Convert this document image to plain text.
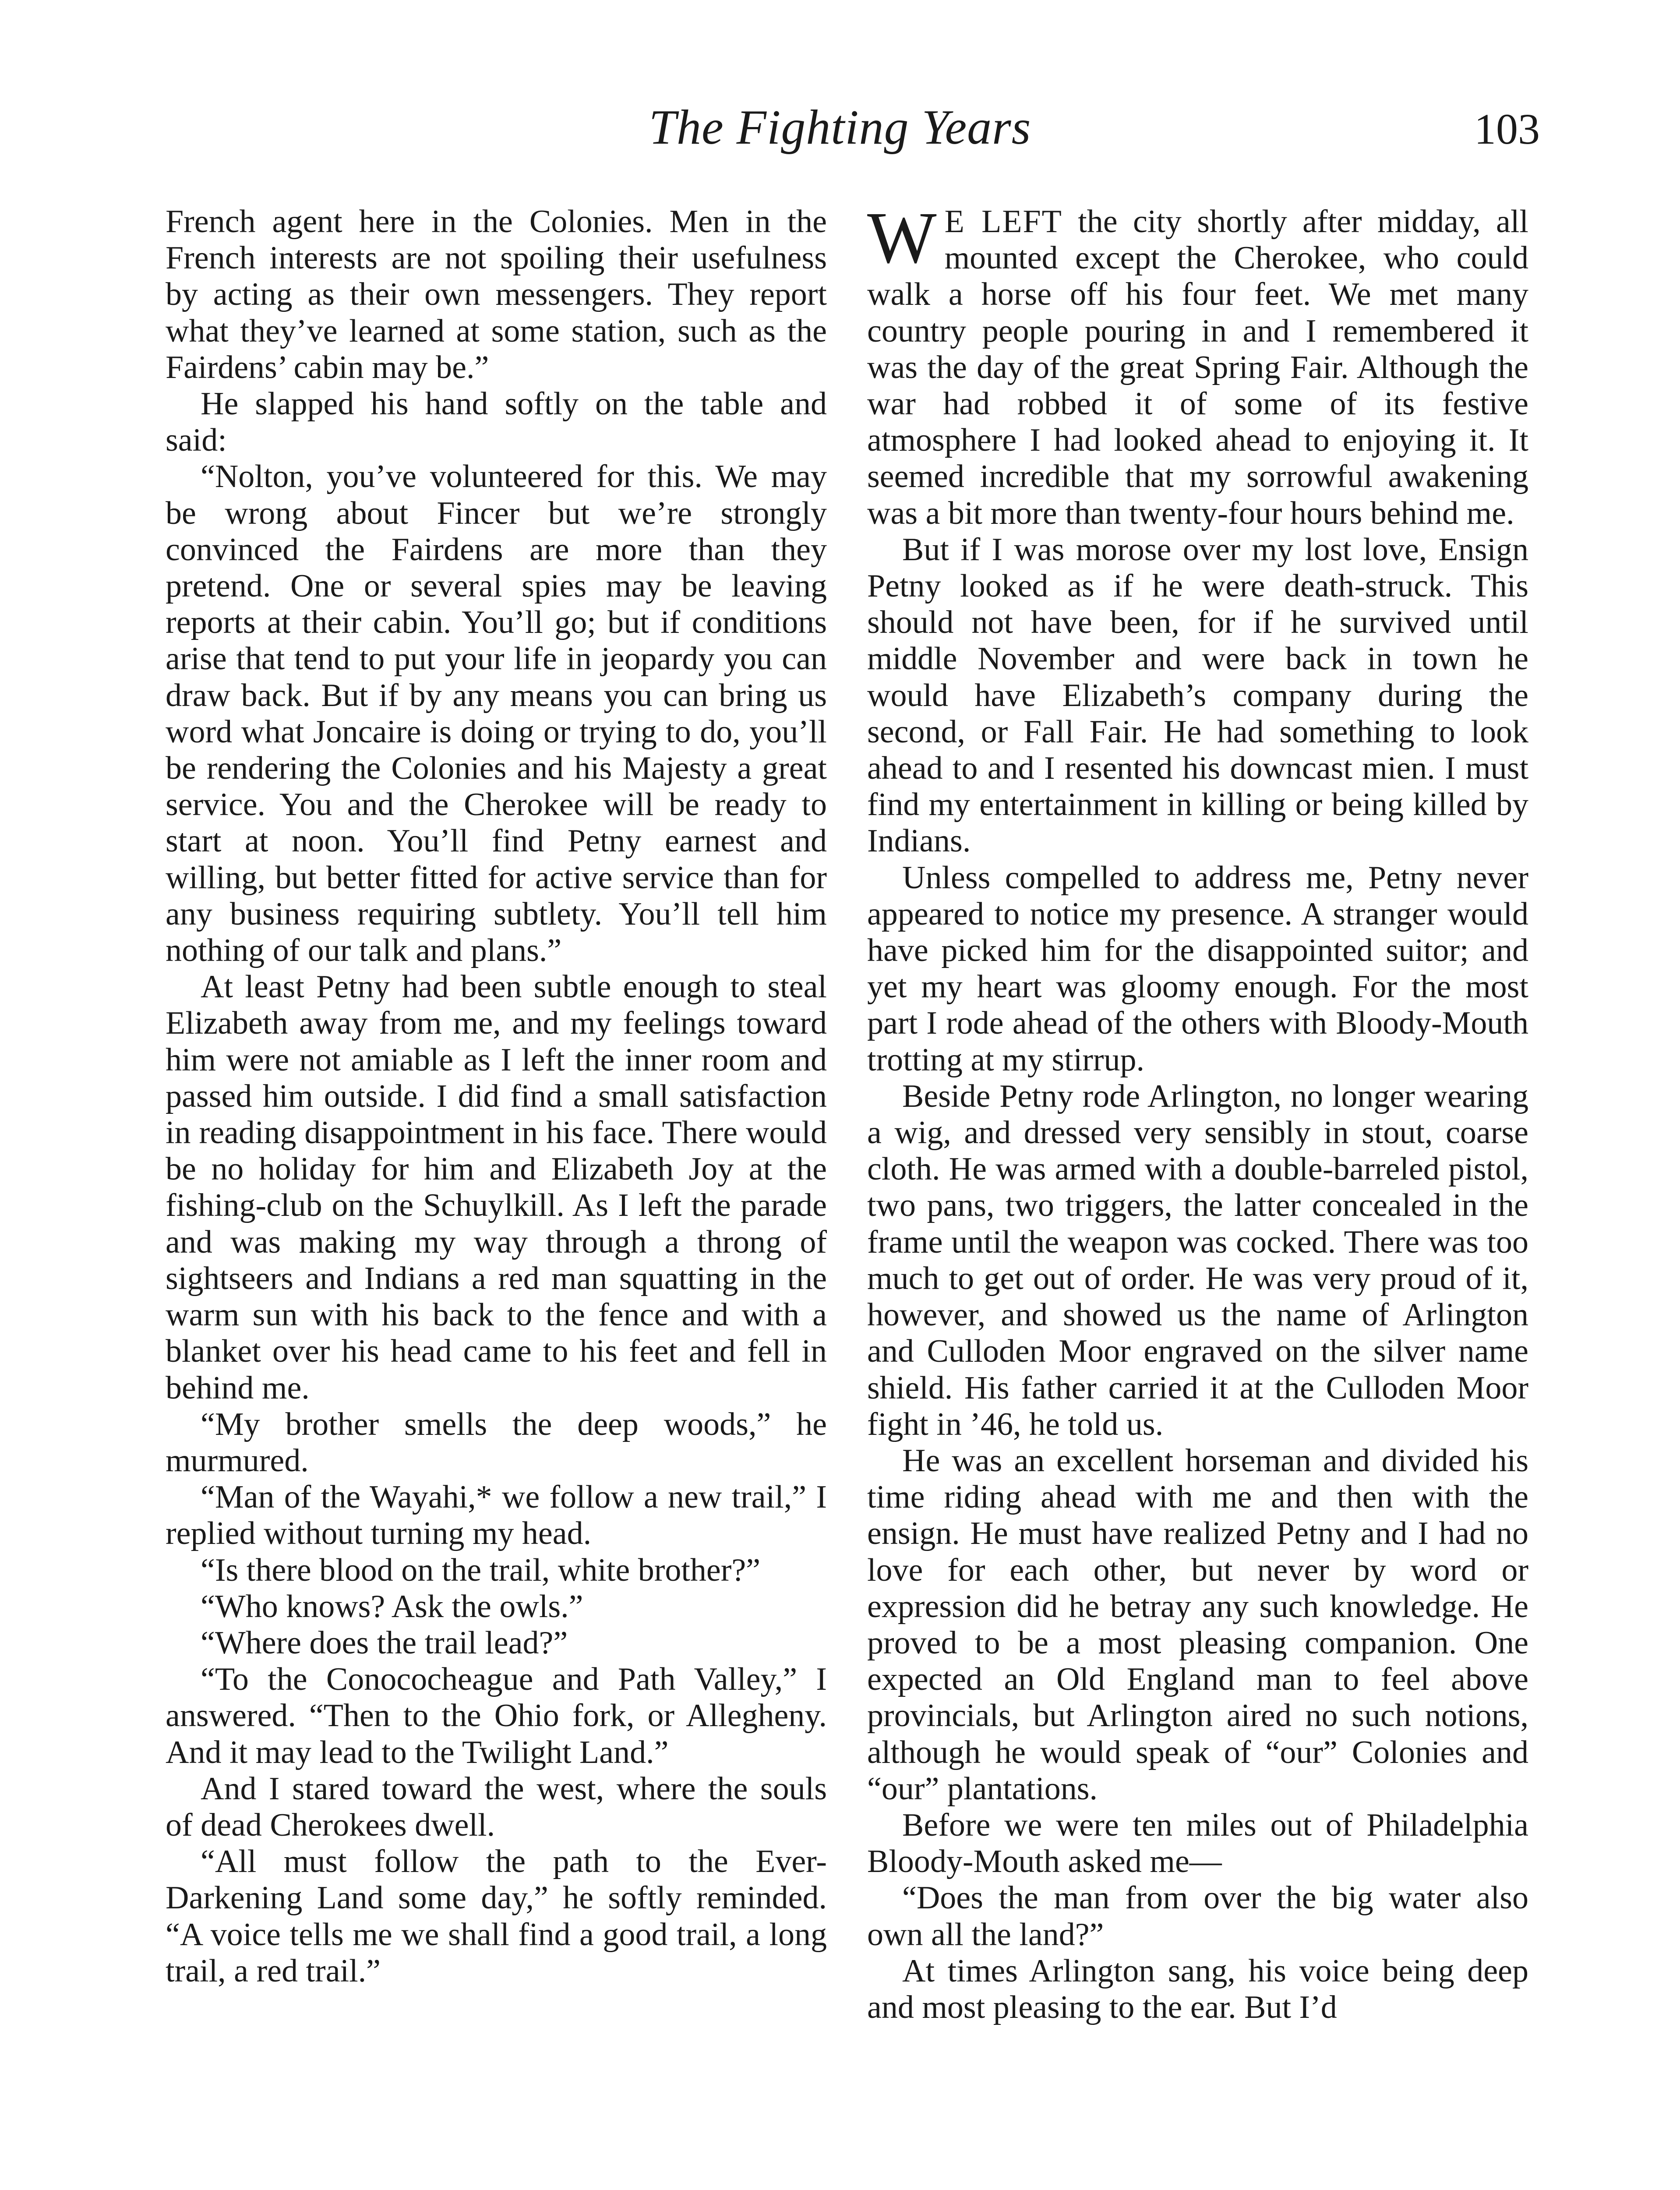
The Fighting Years	103

French agent here in the Colonies. Men in the French interests are not spoiling their usefulness by acting as their own messengers. They report what they’ve learned at some station, such as the Fairdens’ cabin may be.”

He slapped his hand softly on the table and said:

“Nolton, you’ve volunteered for this. We may be wrong about Fincer but we’re strongly convinced the Fairdens are more than they pretend. One or several spies may be leaving reports at their cabin. You’ll go; but if conditions arise that tend to put your life in jeopardy you can draw back. But if by any means you can bring us word what Joncaire is doing or trying to do, you’ll be rendering the Colonies and his Majesty a great service. You and the Cherokee will be ready to start at noon. You’ll find Petny earnest and willing, but better fitted for active service than for any business requiring subtlety. You’ll tell him nothing of our talk and plans.”

At least Petny had been subtle enough to steal Elizabeth away from me, and my feelings toward him were not amiable as I left the inner room and passed him outside. I did find a small satisfaction in reading disappointment in his face. There would be no holiday for him and Elizabeth Joy at the fishing-club on the Schuylkill. As I left the parade and was making my way through a throng of sightseers and Indians a red man squatting in the warm sun with his back to the fence and with a blanket over his head came to his feet and fell in behind me.

“My brother smells the deep woods,” he murmured.

“Man of the Wayahi,* we follow a new trail,” I replied without turning my head.

“Is there blood on the trail, white brother?”

“Who knows? Ask the owls.”

“Where does the trail lead?”

“To the Conococheague and Path Valley,” I answered. “Then to the Ohio fork, or Allegheny. And it may lead to the Twilight Land.”

And I stared toward the west, where the souls of dead Cherokees dwell.

“All must follow the path to the Ever-Darkening Land some day,” he softly reminded. “A voice tells me we shall find a good trail, a long trail, a red trail.”

W E LEFT the city shortly after midday, all mounted except the Cherokee, who could walk a horse off his four feet. We met many country people pouring in and I remembered it was the day of the great Spring Fair. Although the war had robbed it of some of its festive atmosphere I had looked ahead to enjoying it. It seemed incredible that my sorrowful awakening was a bit more than twenty-four hours behind me.

But if I was morose over my lost love, Ensign Petny looked as if he were death-struck. This should not have been, for if he survived until middle November and were back in town he would have Elizabeth’s company during the second, or Fall Fair. He had something to look ahead to and I resented his downcast mien. I must find my entertainment in killing or being killed by Indians.

Unless compelled to address me, Petny never appeared to notice my presence. A stranger would have picked him for the disappointed suitor; and yet my heart was gloomy enough. For the most part I rode ahead of the others with Bloody-Mouth trotting at my stirrup.

Beside Petny rode Arlington, no longer wearing a wig, and dressed very sensibly in stout, coarse cloth. He was armed with a double-barreled pistol, two pans, two triggers, the latter concealed in the frame until the weapon was cocked. There was too much to get out of order. He was very proud of it, however, and showed us the name of Arlington and Culloden Moor engraved on the silver name shield. His father carried it at the Culloden Moor fight in ’46, he told us.

He was an excellent horseman and divided his time riding ahead with me and then with the ensign. He must have realized Petny and I had no love for each other, but never by word or expression did he betray any such knowledge. He proved to be a most pleasing companion. One expected an Old England man to feel above provincials, but Arlington aired no such notions, although he would speak of “our” Colonies and “our” plantations.

Before we were ten miles out of Philadelphia Bloody-Mouth asked me—

“Does the man from over the big water also own all the land?”

At times Arlington sang, his voice being deep and most pleasing to the ear. But I’d
